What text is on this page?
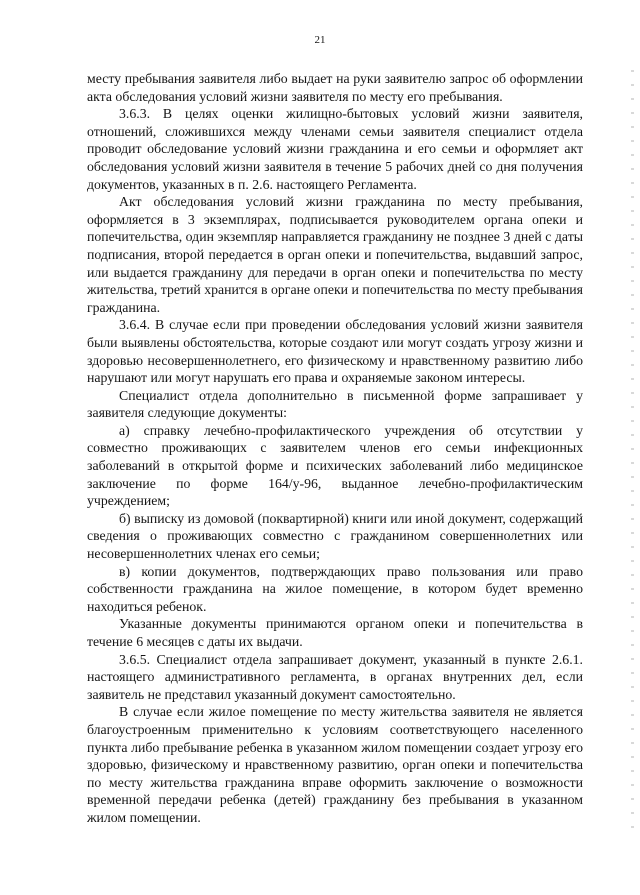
21

месту пребывания заявителя либо выдает на руки заявителю запрос об оформлении акта обследования условий жизни заявителя по месту его пребывания.

3.6.3. В целях оценки жилищно-бытовых условий жизни заявителя, отношений, сложившихся между членами семьи заявителя специалист отдела проводит обследование условий жизни гражданина и его семьи и оформляет акт обследования условий жизни заявителя в течение 5 рабочих дней со дня получения документов, указанных в п. 2.6. настоящего Регламента.

Акт обследования условий жизни гражданина по месту пребывания, оформляется в 3 экземплярах, подписывается руководителем органа опеки и попечительства, один экземпляр направляется гражданину не позднее 3 дней с даты подписания, второй передается в орган опеки и попечительства, выдавший запрос, или выдается гражданину для передачи в орган опеки и попечительства по месту жительства, третий хранится в органе опеки и попечительства по месту пребывания гражданина.

3.6.4. В случае если при проведении обследования условий жизни заявителя были выявлены обстоятельства, которые создают или могут создать угрозу жизни и здоровью несовершеннолетнего, его физическому и нравственному развитию либо нарушают или могут нарушать его права и охраняемые законом интересы.

Специалист отдела дополнительно в письменной форме запрашивает у заявителя следующие документы:

а) справку лечебно-профилактического учреждения об отсутствии у совместно проживающих с заявителем членов его семьи инфекционных заболеваний в открытой форме и психических заболеваний либо медицинское заключение по форме 164/у-96, выданное лечебно-профилактическим учреждением;

б) выписку из домовой (поквартирной) книги или иной документ, содержащий сведения о проживающих совместно с гражданином совершеннолетних или несовершеннолетних членах его семьи;

в) копии документов, подтверждающих право пользования или право собственности гражданина на жилое помещение, в котором будет временно находиться ребенок.

Указанные документы принимаются органом опеки и попечительства в течение 6 месяцев с даты их выдачи.

3.6.5. Специалист отдела запрашивает документ, указанный в пункте 2.6.1. настоящего административного регламента, в органах внутренних дел, если заявитель не представил указанный документ самостоятельно.

В случае если жилое помещение по месту жительства заявителя не является благоустроенным применительно к условиям соответствующего населенного пункта либо пребывание ребенка в указанном жилом помещении создает угрозу его здоровью, физическому и нравственному развитию, орган опеки и попечительства по месту жительства гражданина вправе оформить заключение о возможности временной передачи ребенка (детей) гражданину без пребывания в указанном жилом помещении.
